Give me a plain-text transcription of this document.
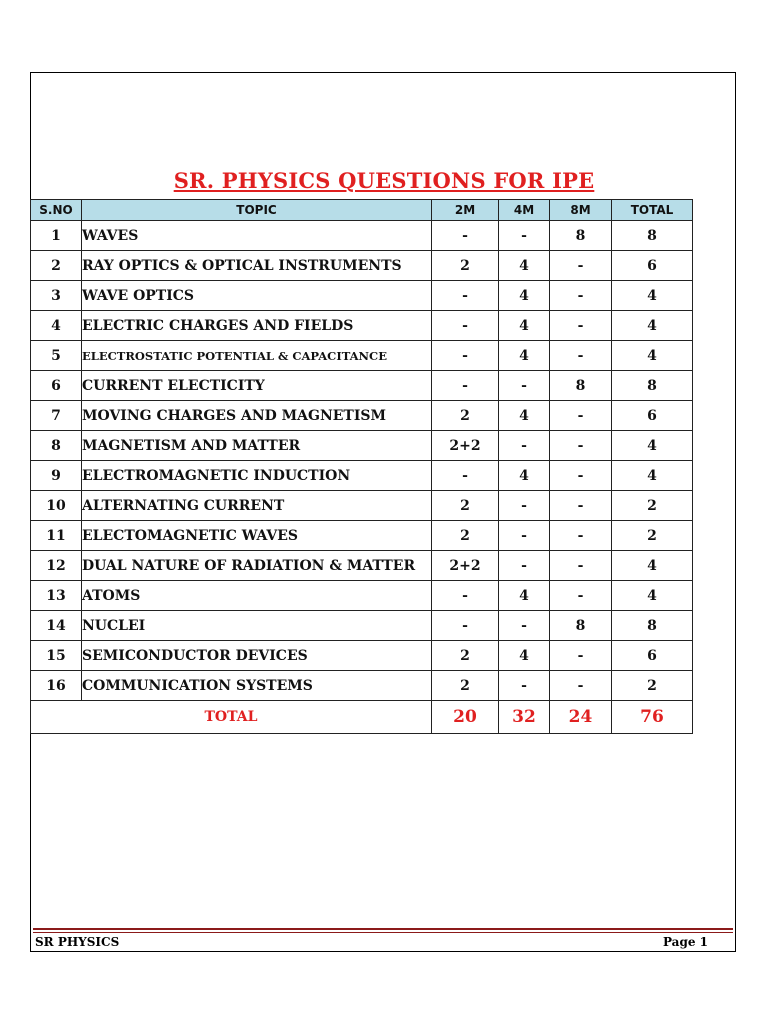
SR. PHYSICS QUESTIONS FOR IPE
S.NO	TOPIC	2M	4M	8M	TOTAL
1	WAVES	-	-	8	8
2	RAY OPTICS & OPTICAL INSTRUMENTS	2	4	-	6
3	WAVE OPTICS	-	4	-	4
4	ELECTRIC CHARGES AND FIELDS	-	4	-	4
5	ELECTROSTATIC POTENTIAL & CAPACITANCE	-	4	-	4
6	CURRENT ELECTICITY	-	-	8	8
7	MOVING CHARGES AND MAGNETISM	2	4	-	6
8	MAGNETISM AND MATTER	2+2	-	-	4
9	ELECTROMAGNETIC INDUCTION	-	4	-	4
10	ALTERNATING CURRENT	2	-	-	2
11	ELECTOMAGNETIC WAVES	2	-	-	2
12	DUAL NATURE OF RADIATION & MATTER	2+2	-	-	4
13	ATOMS	-	4	-	4
14	NUCLEI	-	-	8	8
15	SEMICONDUCTOR DEVICES	2	4	-	6
16	COMMUNICATION SYSTEMS	2	-	-	2
TOTAL		20	32	24	76
SR PHYSICS	Page 1
